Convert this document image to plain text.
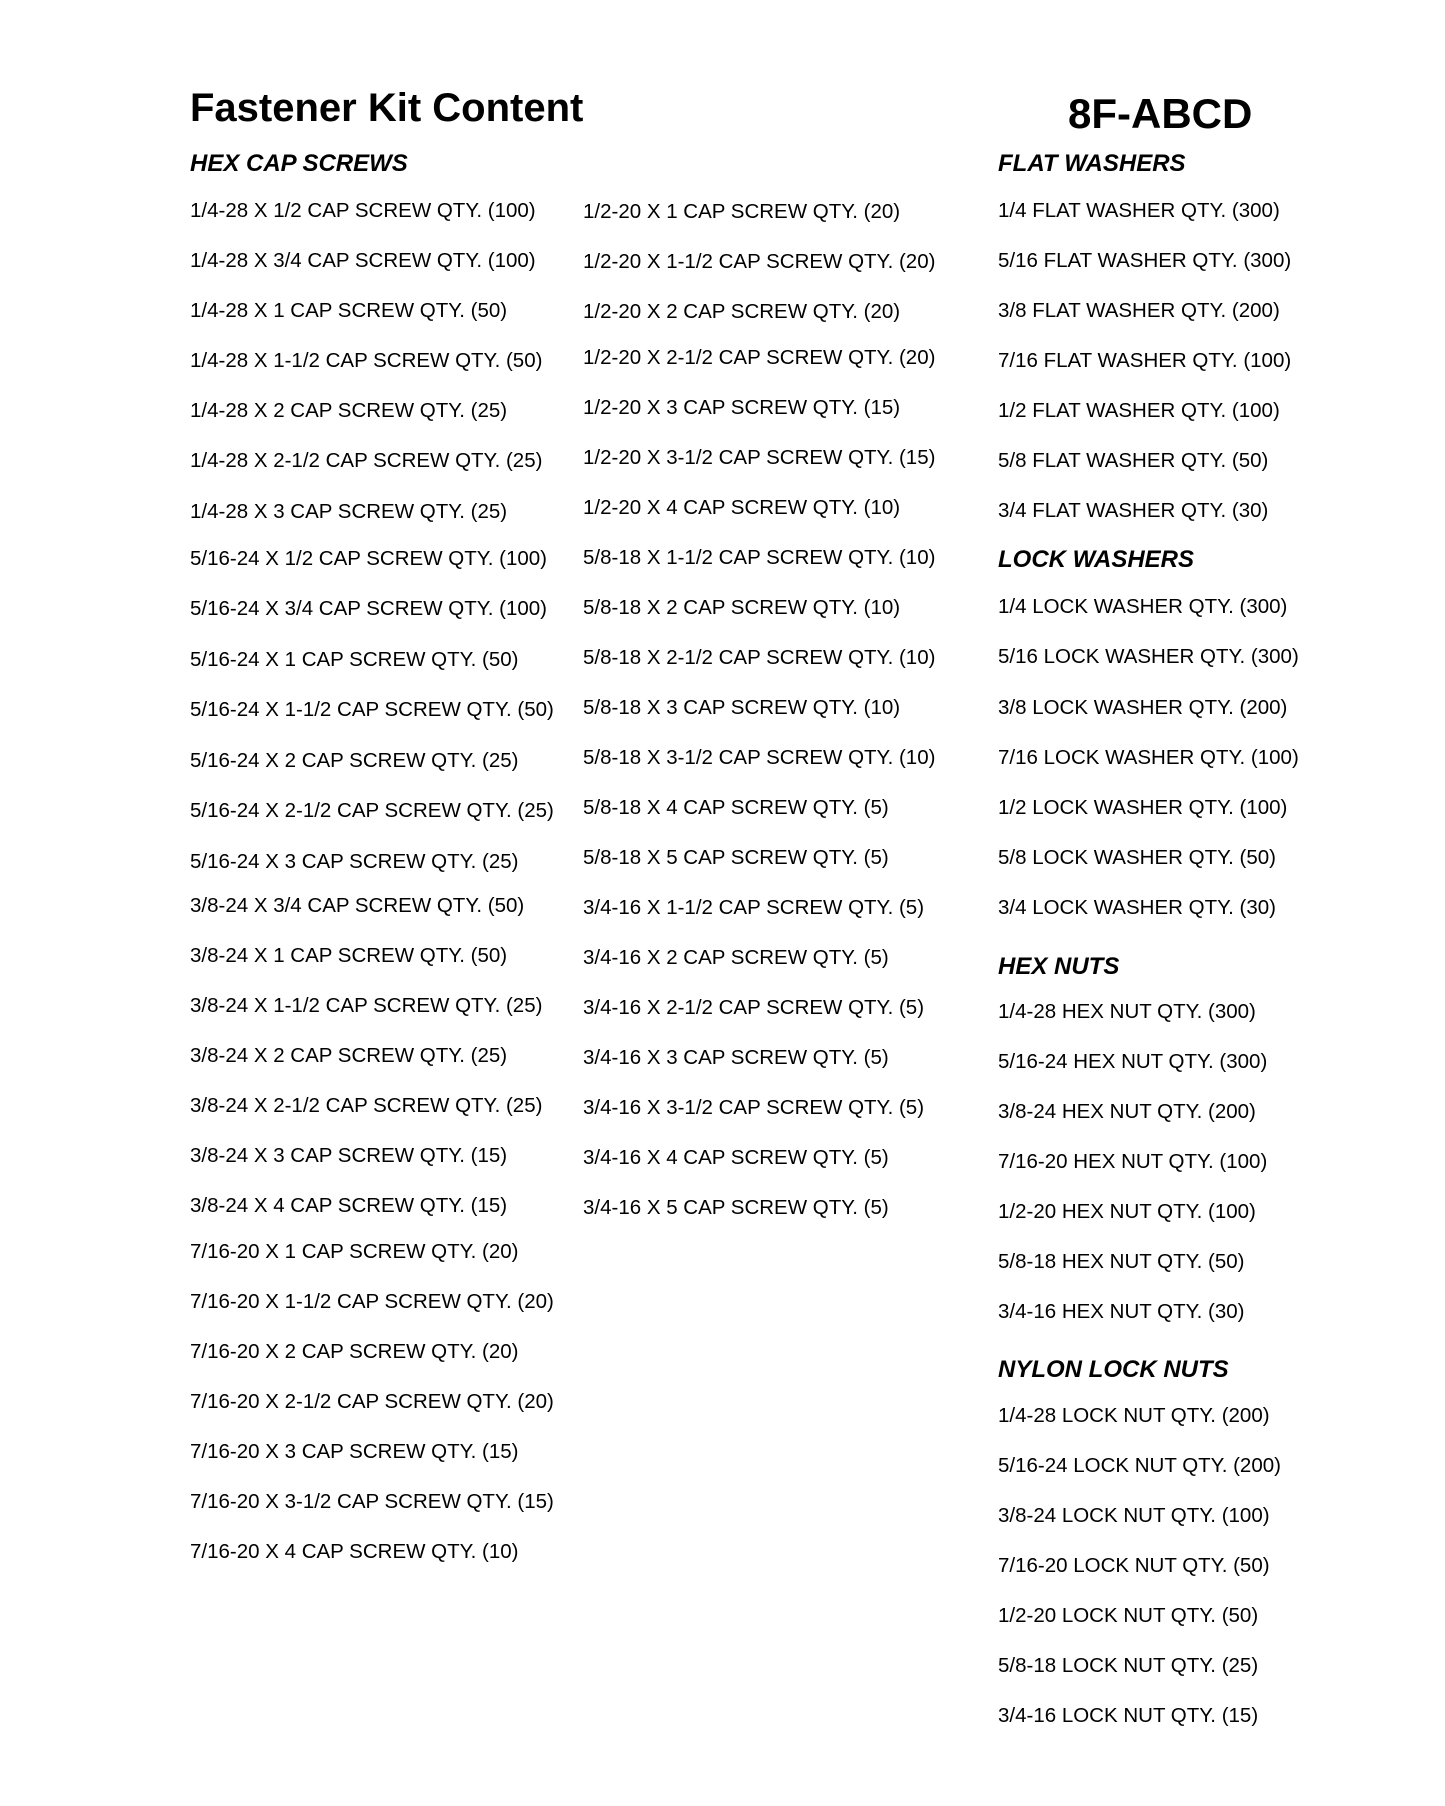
Fastener Kit Content	8F-ABCD
HEX CAP SCREWS
1/4-28 X 1/2 CAP SCREW QTY. (100)
1/4-28 X 3/4 CAP SCREW QTY. (100)
1/4-28 X 1 CAP SCREW QTY. (50)
1/4-28 X 1-1/2 CAP SCREW QTY. (50)
1/4-28 X 2 CAP SCREW QTY. (25)
1/4-28 X 2-1/2 CAP SCREW QTY. (25)
1/4-28 X 3 CAP SCREW QTY. (25)
5/16-24 X 1/2 CAP SCREW QTY. (100)
5/16-24 X 3/4 CAP SCREW QTY. (100)
5/16-24 X 1 CAP SCREW QTY. (50)
5/16-24 X 1-1/2 CAP SCREW QTY. (50)
5/16-24 X 2 CAP SCREW QTY. (25)
5/16-24 X 2-1/2 CAP SCREW QTY. (25)
5/16-24 X 3 CAP SCREW QTY. (25)
3/8-24 X 3/4 CAP SCREW QTY. (50)
3/8-24 X 1 CAP SCREW QTY. (50)
3/8-24 X 1-1/2 CAP SCREW QTY. (25)
3/8-24 X 2 CAP SCREW QTY. (25)
3/8-24 X 2-1/2 CAP SCREW QTY. (25)
3/8-24 X 3 CAP SCREW QTY. (15)
3/8-24 X 4 CAP SCREW QTY. (15)
7/16-20 X 1 CAP SCREW QTY. (20)
7/16-20 X 1-1/2 CAP SCREW QTY. (20)
7/16-20 X 2 CAP SCREW QTY. (20)
7/16-20 X 2-1/2 CAP SCREW QTY. (20)
7/16-20 X 3 CAP SCREW QTY. (15)
7/16-20 X 3-1/2 CAP SCREW QTY. (15)
7/16-20 X 4 CAP SCREW QTY. (10)
1/2-20 X 1 CAP SCREW QTY. (20)
1/2-20 X 1-1/2 CAP SCREW QTY. (20)
1/2-20 X 2 CAP SCREW QTY. (20)
1/2-20 X 2-1/2 CAP SCREW QTY. (20)
1/2-20 X 3 CAP SCREW QTY. (15)
1/2-20 X 3-1/2 CAP SCREW QTY. (15)
1/2-20 X 4 CAP SCREW QTY. (10)
5/8-18 X 1-1/2 CAP SCREW QTY. (10)
5/8-18 X 2 CAP SCREW QTY. (10)
5/8-18 X 2-1/2 CAP SCREW QTY. (10)
5/8-18 X 3 CAP SCREW QTY. (10)
5/8-18 X 3-1/2 CAP SCREW QTY. (10)
5/8-18 X 4 CAP SCREW QTY. (5)
5/8-18 X 5 CAP SCREW QTY. (5)
3/4-16 X 1-1/2 CAP SCREW QTY. (5)
3/4-16 X 2 CAP SCREW QTY. (5)
3/4-16 X 2-1/2 CAP SCREW QTY. (5)
3/4-16 X 3 CAP SCREW QTY. (5)
3/4-16 X 3-1/2 CAP SCREW QTY. (5)
3/4-16 X 4 CAP SCREW QTY. (5)
3/4-16 X 5 CAP SCREW QTY. (5)
FLAT WASHERS
1/4 FLAT WASHER QTY. (300)
5/16 FLAT WASHER QTY. (300)
3/8 FLAT WASHER QTY. (200)
7/16 FLAT WASHER QTY. (100)
1/2 FLAT WASHER QTY. (100)
5/8 FLAT WASHER QTY. (50)
3/4 FLAT WASHER QTY. (30)
LOCK WASHERS
1/4 LOCK WASHER QTY. (300)
5/16 LOCK WASHER QTY. (300)
3/8 LOCK WASHER QTY. (200)
7/16 LOCK WASHER QTY. (100)
1/2 LOCK WASHER QTY. (100)
5/8 LOCK WASHER QTY. (50)
3/4 LOCK WASHER QTY. (30)
HEX NUTS
1/4-28 HEX NUT QTY. (300)
5/16-24 HEX NUT QTY. (300)
3/8-24 HEX NUT QTY. (200)
7/16-20 HEX NUT QTY. (100)
1/2-20 HEX NUT QTY. (100)
5/8-18 HEX NUT QTY. (50)
3/4-16 HEX NUT QTY. (30)
NYLON LOCK NUTS
1/4-28 LOCK NUT QTY. (200)
5/16-24 LOCK NUT QTY. (200)
3/8-24 LOCK NUT QTY. (100)
7/16-20 LOCK NUT QTY. (50)
1/2-20 LOCK NUT QTY. (50)
5/8-18 LOCK NUT QTY. (25)
3/4-16 LOCK NUT QTY. (15)
